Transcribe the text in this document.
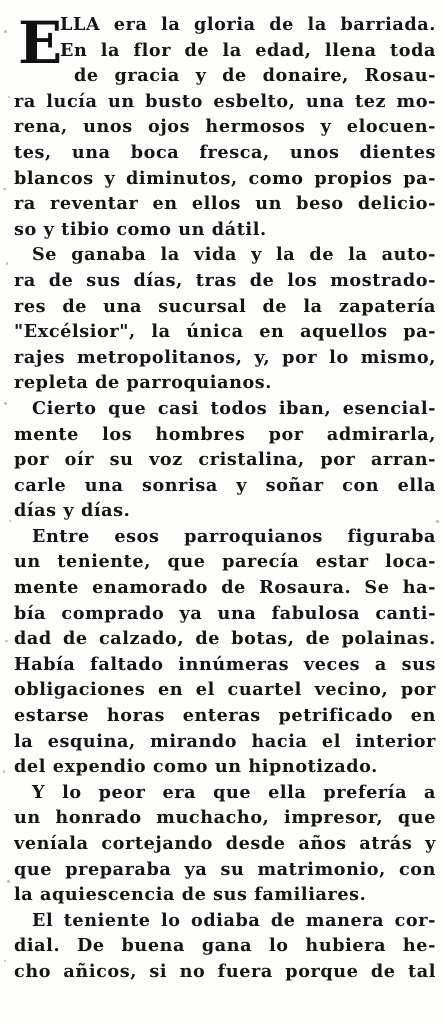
E
LLA era la gloria de la barriada.
En la flor de la edad, llena toda
de gracia y de donaire, Rosau-
ra lucía un busto esbelto, una tez mo-
rena, unos ojos hermosos y elocuen-
tes, una boca fresca, unos dientes
blancos y diminutos, como propios pa-
ra reventar en ellos un beso delicio-
so y tibio como un dátil.
Se ganaba la vida y la de la auto-
ra de sus días, tras de los mostrado-
res de una sucursal de la zapatería
"Excélsior", la única en aquellos pa-
rajes metropolitanos, y, por lo mismo,
repleta de parroquianos.
Cierto que casi todos iban, esencial-
mente los hombres por admirarla,
por oír su voz cristalina, por arran-
carle una sonrisa y soñar con ella
días y días.
Entre esos parroquianos figuraba
un teniente, que parecía estar loca-
mente enamorado de Rosaura. Se ha-
bía comprado ya una fabulosa canti-
dad de calzado, de botas, de polainas.
Había faltado innúmeras veces a sus
obligaciones en el cuartel vecino, por
estarse horas enteras petrificado en
la esquina, mirando hacia el interior
del expendio como un hipnotizado.
Y lo peor era que ella prefería a
un honrado muchacho, impresor, que
veníala cortejando desde años atrás y
que preparaba ya su matrimonio, con
la aquiescencia de sus familiares.
El teniente lo odiaba de manera cor-
dial. De buena gana lo hubiera he-
cho añicos, si no fuera porque de tal
